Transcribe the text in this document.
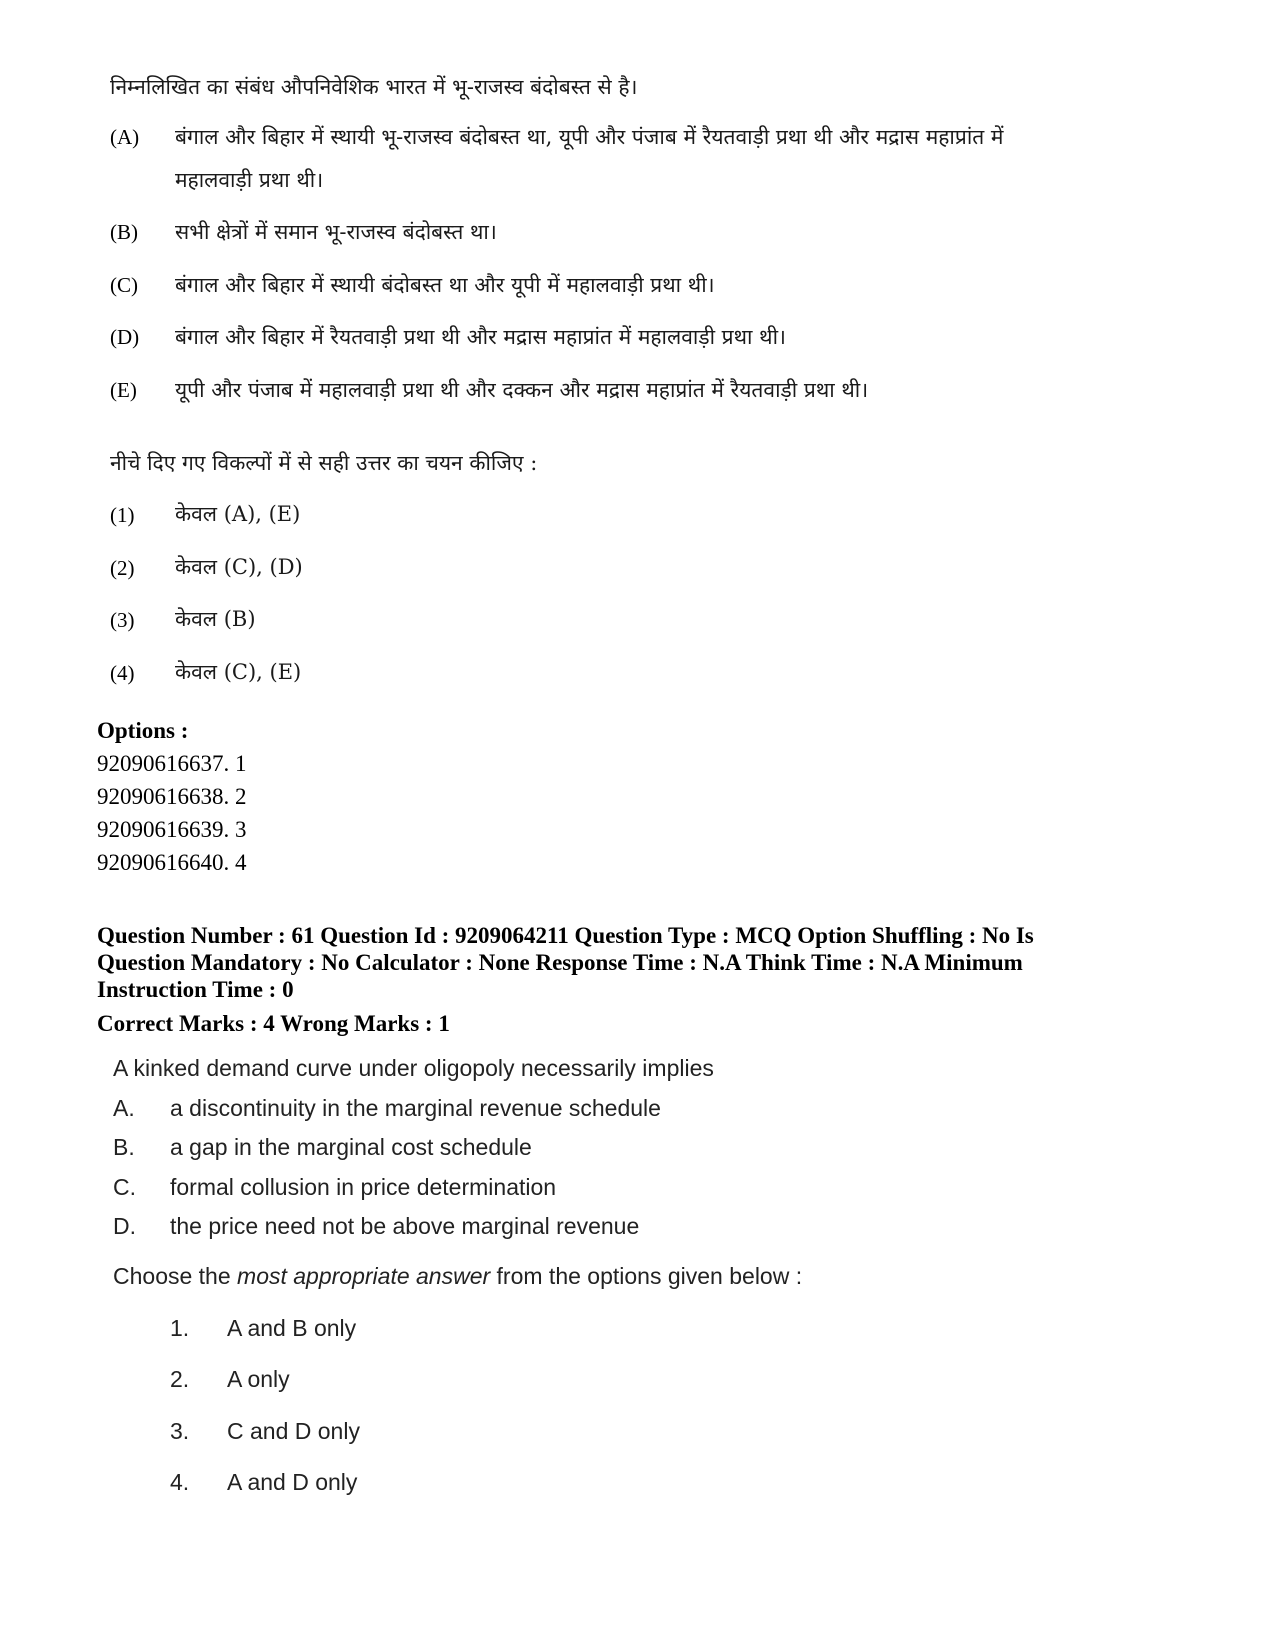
निम्नलिखित का संबंध औपनिवेशिक भारत में भू-राजस्व बंदोबस्त से है।
(A) बंगाल और बिहार में स्थायी भू-राजस्व बंदोबस्त था, यूपी और पंजाब में रैयतवाड़ी प्रथा थी और मद्रास महाप्रांत में
महालवाड़ी प्रथा थी।
(B) सभी क्षेत्रों में समान भू-राजस्व बंदोबस्त था।
(C) बंगाल और बिहार में स्थायी बंदोबस्त था और यूपी में महालवाड़ी प्रथा थी।
(D) बंगाल और बिहार में रैयतवाड़ी प्रथा थी और मद्रास महाप्रांत में महालवाड़ी प्रथा थी।
(E) यूपी और पंजाब में महालवाड़ी प्रथा थी और दक्कन और मद्रास महाप्रांत में रैयतवाड़ी प्रथा थी।
नीचे दिए गए विकल्पों में से सही उत्तर का चयन कीजिए :
(1) केवल (A), (E)
(2) केवल (C), (D)
(3) केवल (B)
(4) केवल (C), (E)
Options :
92090616637. 1
92090616638. 2
92090616639. 3
92090616640. 4
Question Number : 61 Question Id : 9209064211 Question Type : MCQ Option Shuffling : No Is
Question Mandatory : No Calculator : None Response Time : N.A Think Time : N.A Minimum
Instruction Time : 0
Correct Marks : 4 Wrong Marks : 1
A kinked demand curve under oligopoly necessarily implies
A. a discontinuity in the marginal revenue schedule
B. a gap in the marginal cost schedule
C. formal collusion in price determination
D. the price need not be above marginal revenue
Choose the most appropriate answer from the options given below :
1. A and B only
2. A only
3. C and D only
4. A and D only
